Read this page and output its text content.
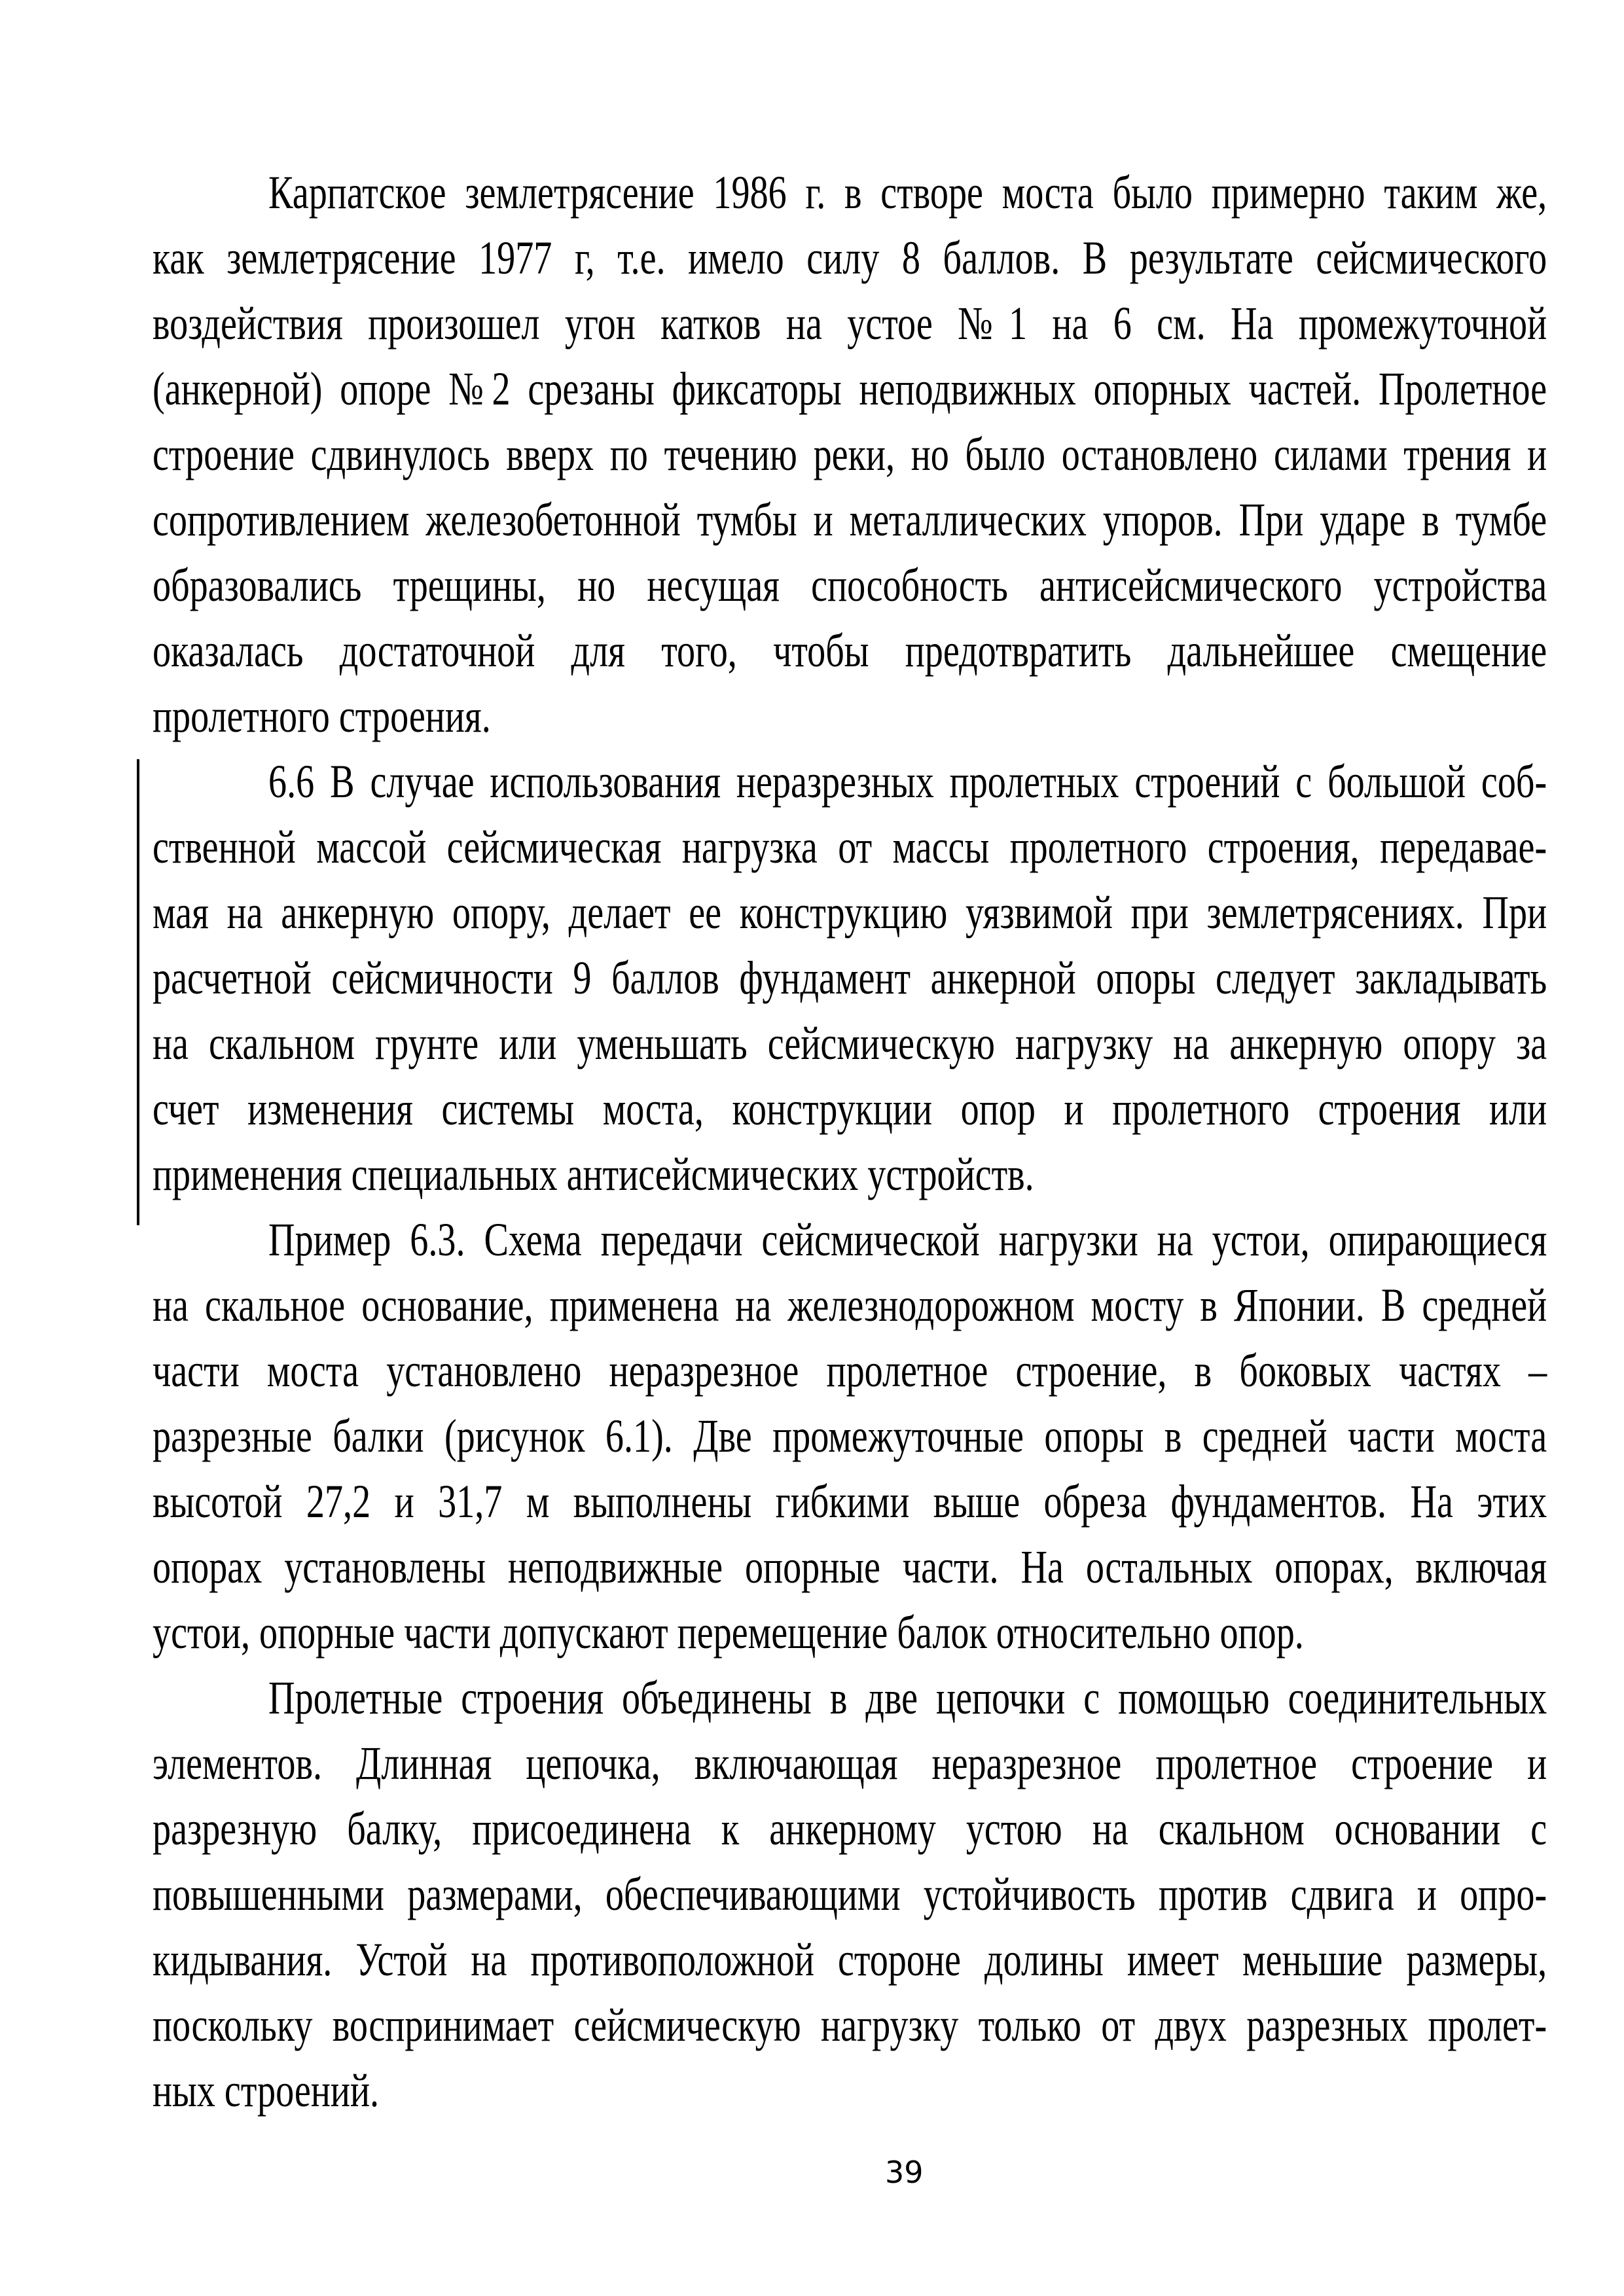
Карпатское землетрясение 1986 г. в створе моста было примерно таким же,
как землетрясение 1977 г, т.е. имело силу 8 баллов. В результате сейсмического
воздействия произошел угон катков на устое №1 на 6 см. На промежуточной
(анкерной) опоре №2 срезаны фиксаторы неподвижных опорных частей. Пролетное
строение сдвинулось вверх по течению реки, но было остановлено силами трения и
сопротивлением железобетонной тумбы и металлических упоров. При ударе в тумбе
образовались трещины, но несущая способность антисейсмического устройства
оказалась достаточной для того, чтобы предотвратить дальнейшее смещение
пролетного строения.
6.6 В случае использования неразрезных пролетных строений с большой соб-
ственной массой сейсмическая нагрузка от массы пролетного строения, передавае-
мая на анкерную опору, делает ее конструкцию уязвимой при землетрясениях. При
расчетной сейсмичности 9 баллов фундамент анкерной опоры следует закладывать
на скальном грунте или уменьшать сейсмическую нагрузку на анкерную опору за
счет изменения системы моста, конструкции опор и пролетного строения или
применения специальных антисейсмических устройств.
Пример 6.3. Схема передачи сейсмической нагрузки на устои, опирающиеся
на скальное основание, применена на железнодорожном мосту в Японии. В средней
части моста установлено неразрезное пролетное строение, в боковых частях –
разрезные балки (рисунок 6.1). Две промежуточные опоры в средней части моста
высотой 27,2 и 31,7 м выполнены гибкими выше обреза фундаментов. На этих
опорах установлены неподвижные опорные части. На остальных опорах, включая
устои, опорные части допускают перемещение балок относительно опор.
Пролетные строения объединены в две цепочки с помощью соединительных
элементов. Длинная цепочка, включающая неразрезное пролетное строение и
разрезную балку, присоединена к анкерному устою на скальном основании с
повышенными размерами, обеспечивающими устойчивость против сдвига и опро-
кидывания. Устой на противоположной стороне долины имеет меньшие размеры,
поскольку воспринимает сейсмическую нагрузку только от двух разрезных пролет-
ных строений.
39
